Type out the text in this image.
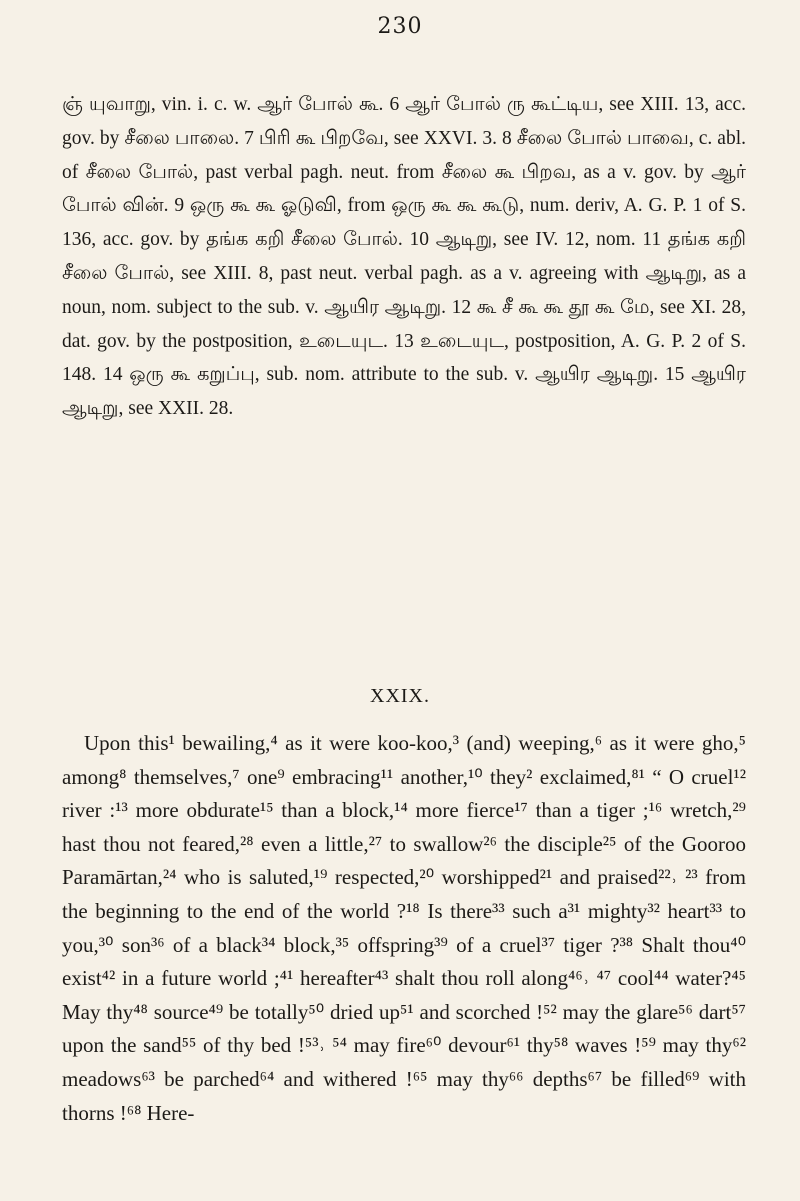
230
ஞ் யுவாறு, vin. i. c. w. ஆர் போல் கூ. 6 ஆர் போல் ரு கூட்டிய, see XIII. 13, acc. gov. by சீலை பாலை. 7 பிரி கூ பிறவே, see XXVI. 3. 8 சீலை போல் பாவை, c. abl. of சீலை போல், past verbal pagh. neut. from சீலை கூ பிறவ, as a v. gov. by ஆர் போல் வின். 9 ஒரு கூ கூ ஓடுவி, from ஒரு கூ கூ கூடு, num. deriv, A. G. P. 1 of S. 136, acc. gov. by தங்க கறி சீலை போல். 10 ஆடிறு, see IV. 12, nom. 11 தங்க கறி சீலை போல், see XIII. 8, past neut. verbal pagh. as a v. agreeing with ஆடிறு, as a noun, nom. subject to the sub. v. ஆயிர ஆடிறு. 12 கூ சீ கூ கூ தூ கூ மே, see XI. 28, dat. gov. by the postposition, உடையுட. 13 உடையுட, postposition, A. G. P. 2 of S. 148. 14 ஒரு கூ கறுப்பு, sub. nom. attribute to the sub. v. ஆயிர ஆடிறு. 15 ஆயிர ஆடிறு, see XXII. 28.
XXIX.
Upon this¹ bewailing,⁴ as it were koo-koo,³ (and) weeping,⁶ as it were gho,⁵ among⁸ themselves,⁷ one⁹ embracing¹¹ another,¹⁰ they² exclaimed,⁸¹ “ O cruel¹² river :¹³ more obdurate¹⁵ than a block,¹⁴ more fierce¹⁷ than a tiger ;¹⁶ wretch,²⁹ hast thou not feared,²⁸ even a little,²⁷ to swallow²⁶ the disciple²⁵ of the Gooroo Paramārtan,²⁴ who is saluted,¹⁹ respected,²⁰ worshipped²¹ and praised²²˒ ²³ from the beginning to the end of the world ?¹⁸ Is there³³ such a³¹ mighty³² heart³³ to you,³⁰ son³⁶ of a black³⁴ block,³⁵ offspring³⁹ of a cruel³⁷ tiger ?³⁸ Shalt thou⁴⁰ exist⁴² in a future world ;⁴¹ hereafter⁴³ shalt thou roll along⁴⁶˒ ⁴⁷ cool⁴⁴ water?⁴⁵ May thy⁴⁸ source⁴⁹ be totally⁵⁰ dried up⁵¹ and scorched !⁵² may the glare⁵⁶ dart⁵⁷ upon the sand⁵⁵ of thy bed !⁵³˒ ⁵⁴ may fire⁶⁰ devour⁶¹ thy⁵⁸ waves !⁵⁹ may thy⁶² meadows⁶³ be parched⁶⁴ and withered !⁶⁵ may thy⁶⁶ depths⁶⁷ be filled⁶⁹ with thorns !⁶⁸ Here-
